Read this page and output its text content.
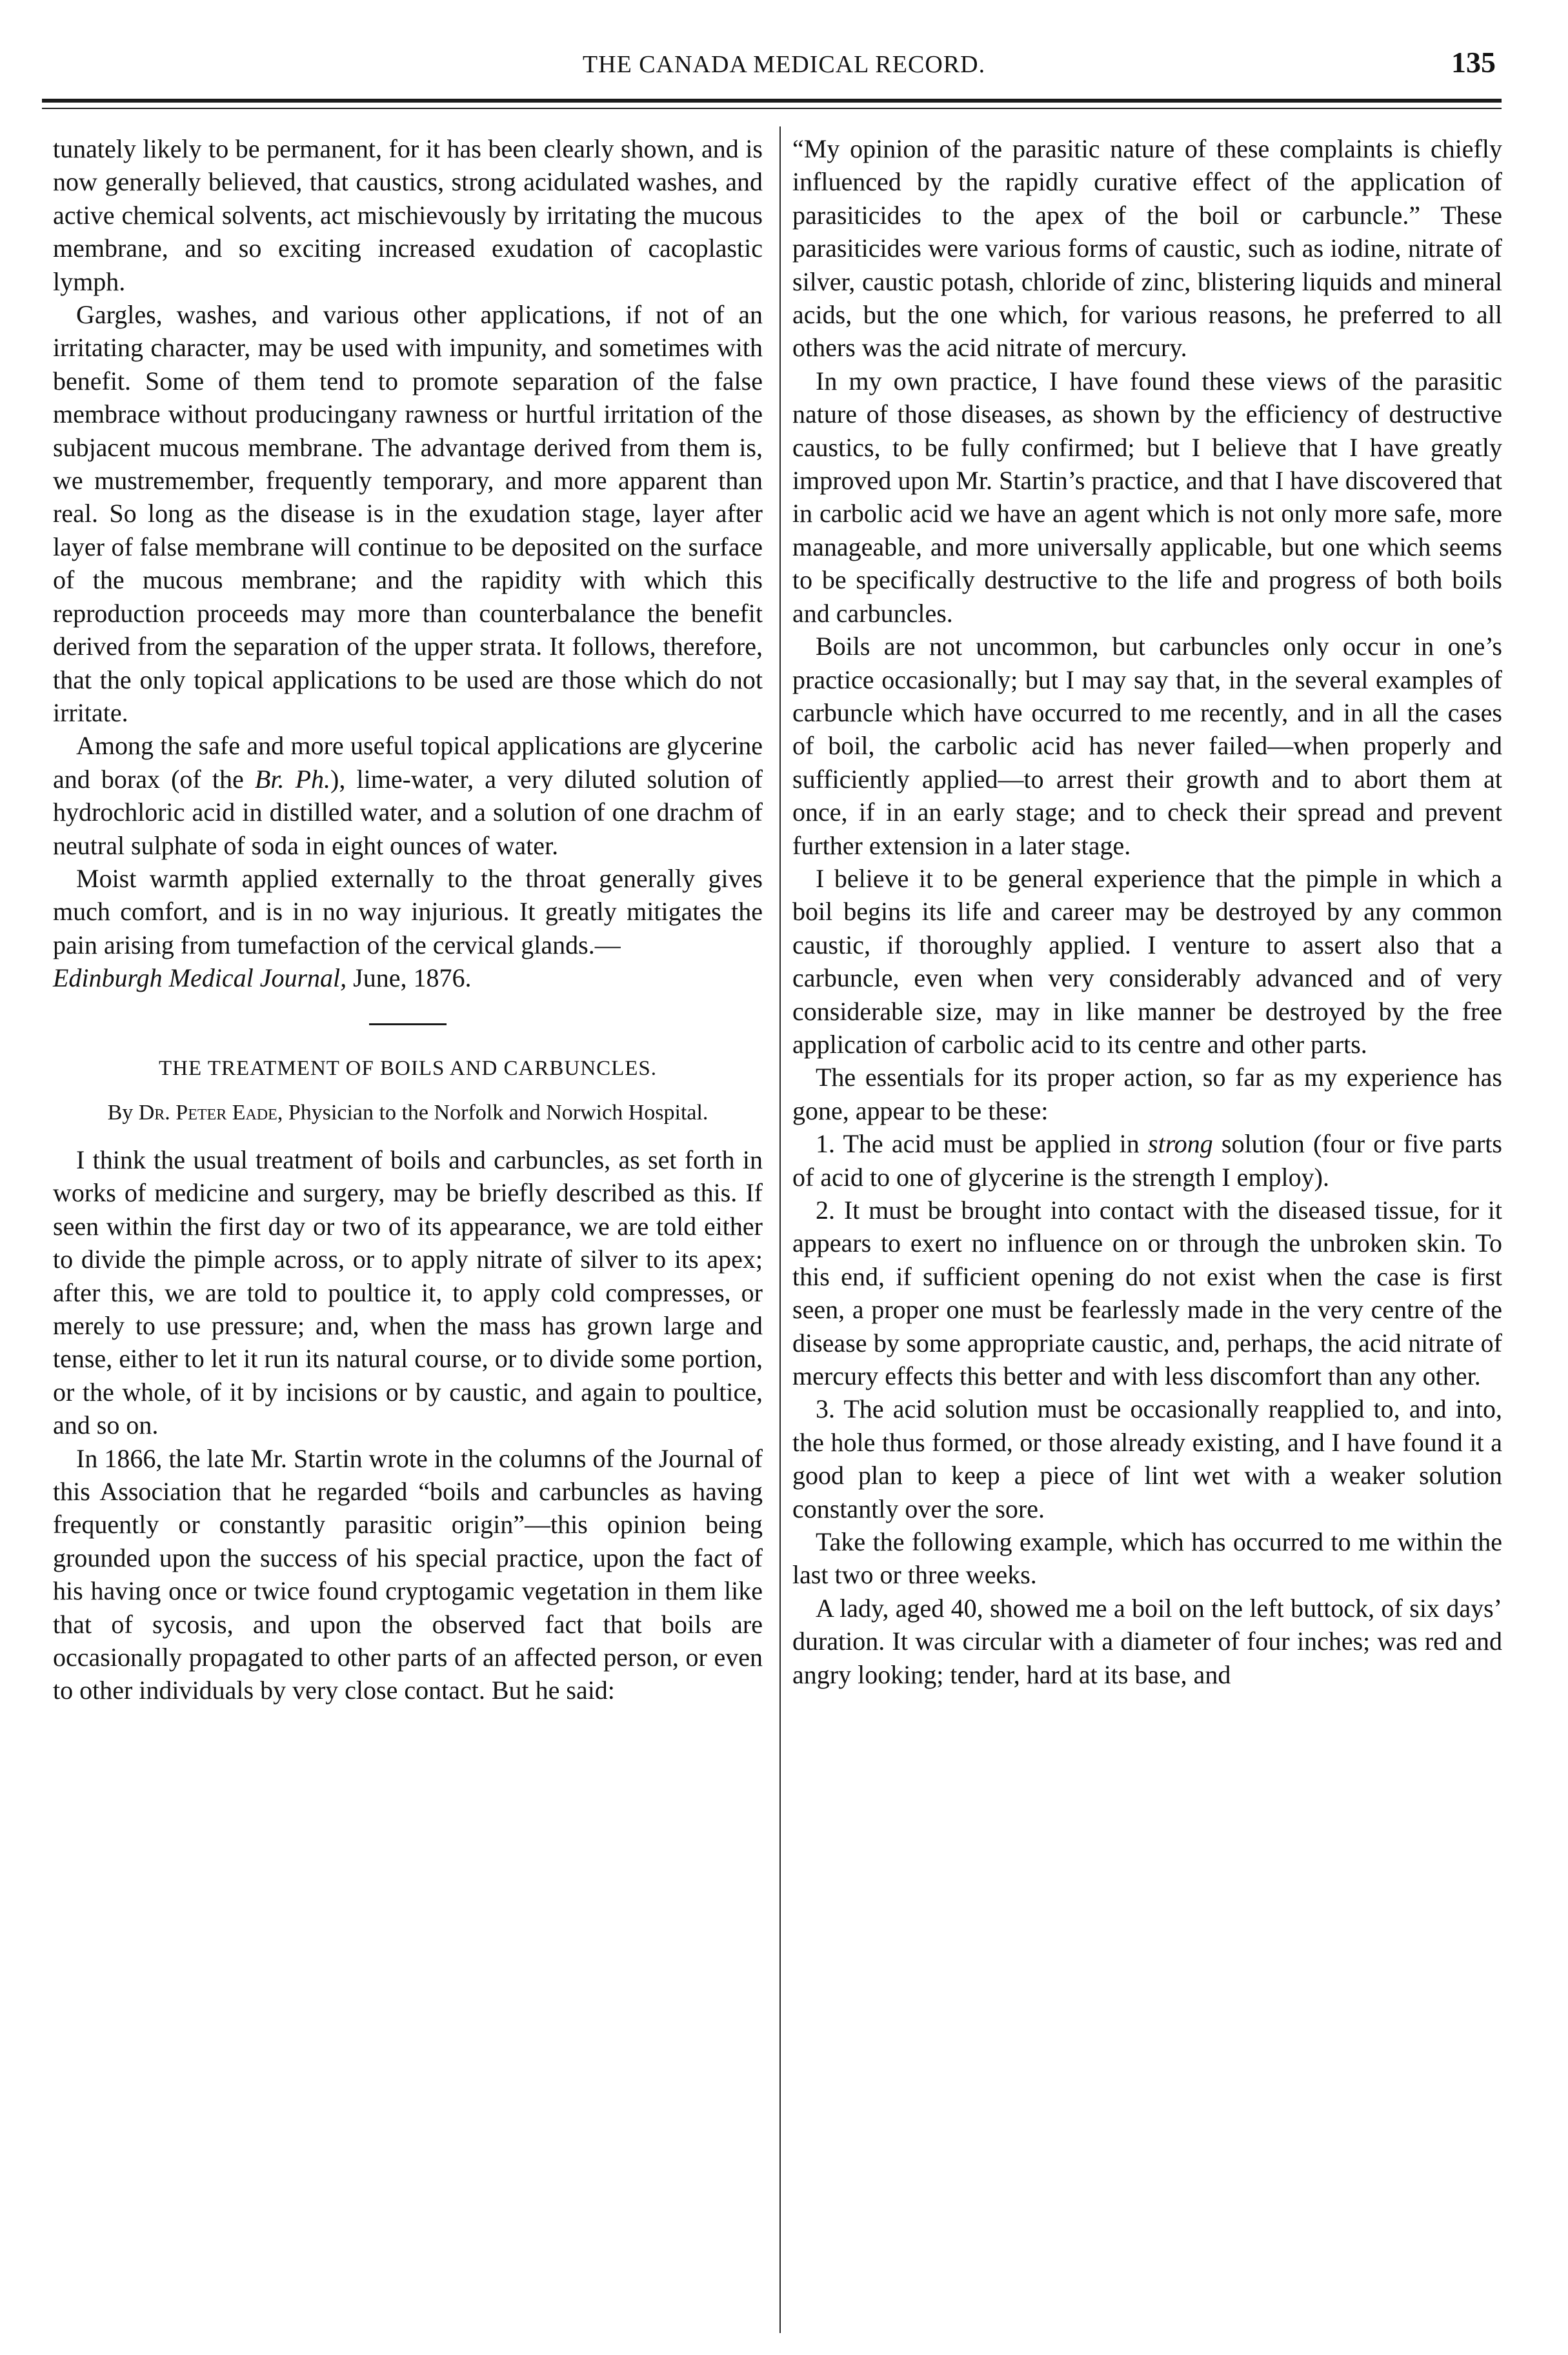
THE CANADA MEDICAL RECORD.	135

tunately likely to be permanent, for it has been clearly shown, and is now generally believed, that caustics, strong acidulated washes, and active chemical solvents, act mischievously by irritating the mucous membrane, and so exciting increased exudation of cacoplastic lymph.

Gargles, washes, and various other applications, if not of an irritating character, may be used with impunity, and sometimes with benefit. Some of them tend to promote separation of the false membrace without producingany rawness or hurtful irritation of the subjacent mucous membrane. The advantage derived from them is, we mustremember, frequently temporary, and more apparent than real. So long as the disease is in the exudation stage, layer after layer of false membrane will continue to be deposited on the surface of the mucous membrane; and the rapidity with which this reproduction proceeds may more than counterbalance the benefit derived from the separation of the upper strata. It follows, therefore, that the only topical applications to be used are those which do not irritate.

Among the safe and more useful topical applications are glycerine and borax (of the Br. Ph.), lime-water, a very diluted solution of hydrochloric acid in distilled water, and a solution of one drachm of neutral sulphate of soda in eight ounces of water.

Moist warmth applied externally to the throat generally gives much comfort, and is in no way injurious. It greatly mitigates the pain arising from tumefaction of the cervical glands.—
Edinburgh Medical Journal, June, 1876.

THE TREATMENT OF BOILS AND CARBUNCLES.
By Dr. Peter Eade, Physician to the Norfolk and Norwich Hospital.

I think the usual treatment of boils and carbuncles, as set forth in works of medicine and surgery, may be briefly described as this. If seen within the first day or two of its appearance, we are told either to divide the pimple across, or to apply nitrate of silver to its apex; after this, we are told to poultice it, to apply cold compresses, or merely to use pressure; and, when the mass has grown large and tense, either to let it run its natural course, or to divide some portion, or the whole, of it by incisions or by caustic, and again to poultice, and so on.

In 1866, the late Mr. Startin wrote in the columns of the Journal of this Association that he regarded “boils and carbuncles as having frequently or constantly parasitic origin”—this opinion being grounded upon the success of his special practice, upon the fact of his having once or twice found cryptogamic vegetation in them like that of sycosis, and upon the observed fact that boils are occasionally propagated to other parts of an affected person, or even to other individuals by very close contact. But he said:

“My opinion of the parasitic nature of these complaints is chiefly influenced by the rapidly curative effect of the application of parasiticides to the apex of the boil or carbuncle.” These parasiticides were various forms of caustic, such as iodine, nitrate of silver, caustic potash, chloride of zinc, blistering liquids and mineral acids, but the one which, for various reasons, he preferred to all others was the acid nitrate of mercury.

In my own practice, I have found these views of the parasitic nature of those diseases, as shown by the efficiency of destructive caustics, to be fully confirmed; but I believe that I have greatly improved upon Mr. Startin’s practice, and that I have discovered that in carbolic acid we have an agent which is not only more safe, more manageable, and more universally applicable, but one which seems to be specifically destructive to the life and progress of both boils and carbuncles.

Boils are not uncommon, but carbuncles only occur in one’s practice occasionally; but I may say that, in the several examples of carbuncle which have occurred to me recently, and in all the cases of boil, the carbolic acid has never failed—when properly and sufficiently applied—to arrest their growth and to abort them at once, if in an early stage; and to check their spread and prevent further extension in a later stage.

I believe it to be general experience that the pimple in which a boil begins its life and career may be destroyed by any common caustic, if thoroughly applied. I venture to assert also that a carbuncle, even when very considerably advanced and of very considerable size, may in like manner be destroyed by the free application of carbolic acid to its centre and other parts.

The essentials for its proper action, so far as my experience has gone, appear to be these:

1. The acid must be applied in strong solution (four or five parts of acid to one of glycerine is the strength I employ).

2. It must be brought into contact with the diseased tissue, for it appears to exert no influence on or through the unbroken skin. To this end, if sufficient opening do not exist when the case is first seen, a proper one must be fearlessly made in the very centre of the disease by some appropriate caustic, and, perhaps, the acid nitrate of mercury effects this better and with less discomfort than any other.

3. The acid solution must be occasionally reapplied to, and into, the hole thus formed, or those already existing, and I have found it a good plan to keep a piece of lint wet with a weaker solution constantly over the sore.

Take the following example, which has occurred to me within the last two or three weeks.

A lady, aged 40, showed me a boil on the left buttock, of six days’ duration. It was circular with a diameter of four inches; was red and angry looking; tender, hard at its base, and
